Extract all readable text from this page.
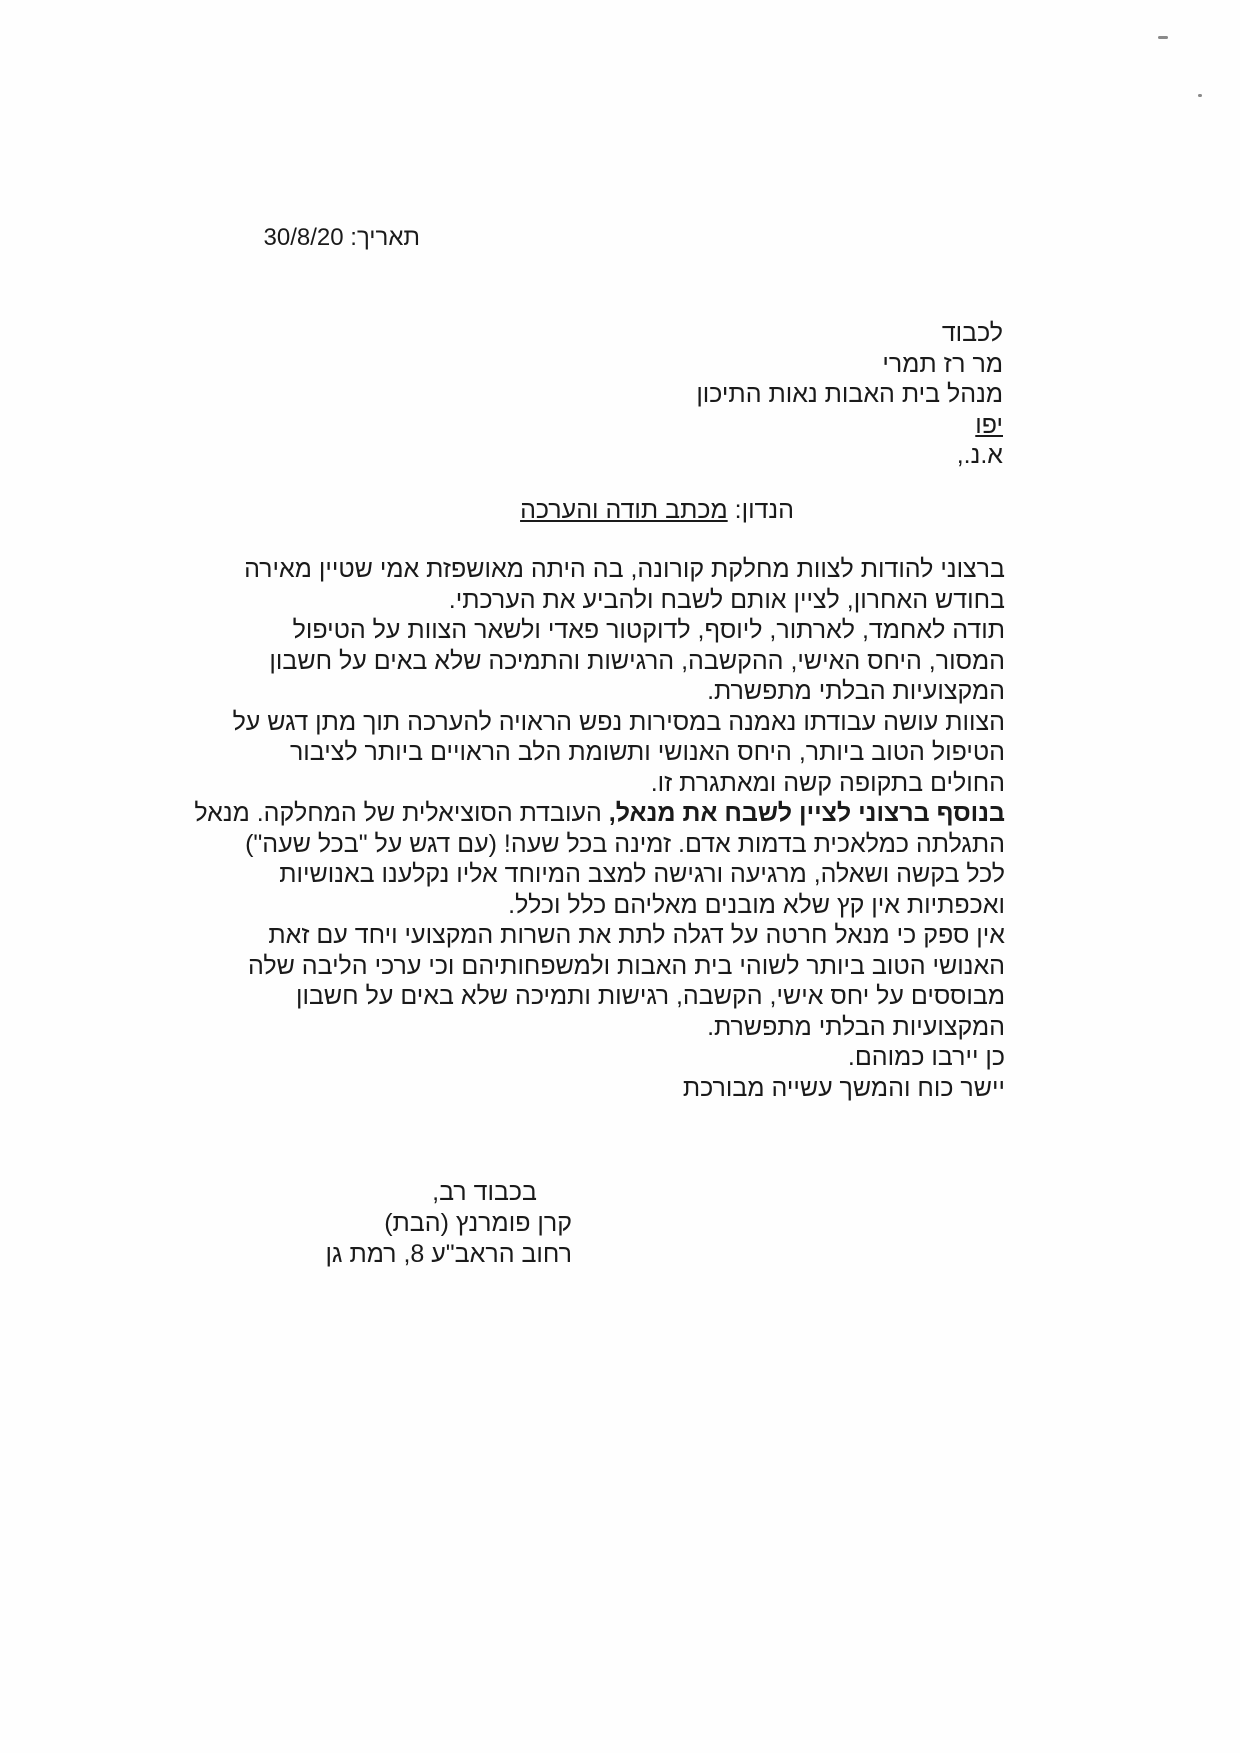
תאריך: 30/8/20
לכבוד
מר רז תמרי
מנהל בית האבות נאות התיכון
יפו
א.נ.,
הנדון: מכתב תודה והערכה
ברצוני להודות לצוות מחלקת קורונה, בה היתה מאושפזת אמי שטיין מאירה
בחודש האחרון, לציין אותם לשבח ולהביע את הערכתי.
תודה לאחמד, לארתור, ליוסף, לדוקטור פאדי ולשאר הצוות על הטיפול
המסור, היחס האישי, ההקשבה, הרגישות והתמיכה שלא באים על חשבון
המקצועיות הבלתי מתפשרת.
הצוות עושה עבודתו נאמנה במסירות נפש הראויה להערכה תוך מתן דגש על
הטיפול הטוב ביותר, היחס האנושי ותשומת הלב הראויים ביותר לציבור
החולים בתקופה קשה ומאתגרת זו.
בנוסף ברצוני לציין לשבח את מנאל, העובדת הסוציאלית של המחלקה. מנאל
התגלתה כמלאכית בדמות אדם. זמינה בכל שעה! (עם דגש על "בכל שעה")
לכל בקשה ושאלה, מרגיעה ורגישה למצב המיוחד אליו נקלענו באנושיות
ואכפתיות אין קץ שלא מובנים מאליהם כלל וכלל.
אין ספק כי מנאל חרטה על דגלה לתת את השרות המקצועי ויחד עם זאת
האנושי הטוב ביותר לשוהי בית האבות ולמשפחותיהם וכי ערכי הליבה שלה
מבוססים על יחס אישי, הקשבה, רגישות ותמיכה שלא באים על חשבון
המקצועיות הבלתי מתפשרת.
כן יירבו כמוהם.
יישר כוח והמשך עשייה מבורכת
בכבוד רב,
קרן פומרנץ (הבת)
רחוב הראב"ע 8, רמת גן
